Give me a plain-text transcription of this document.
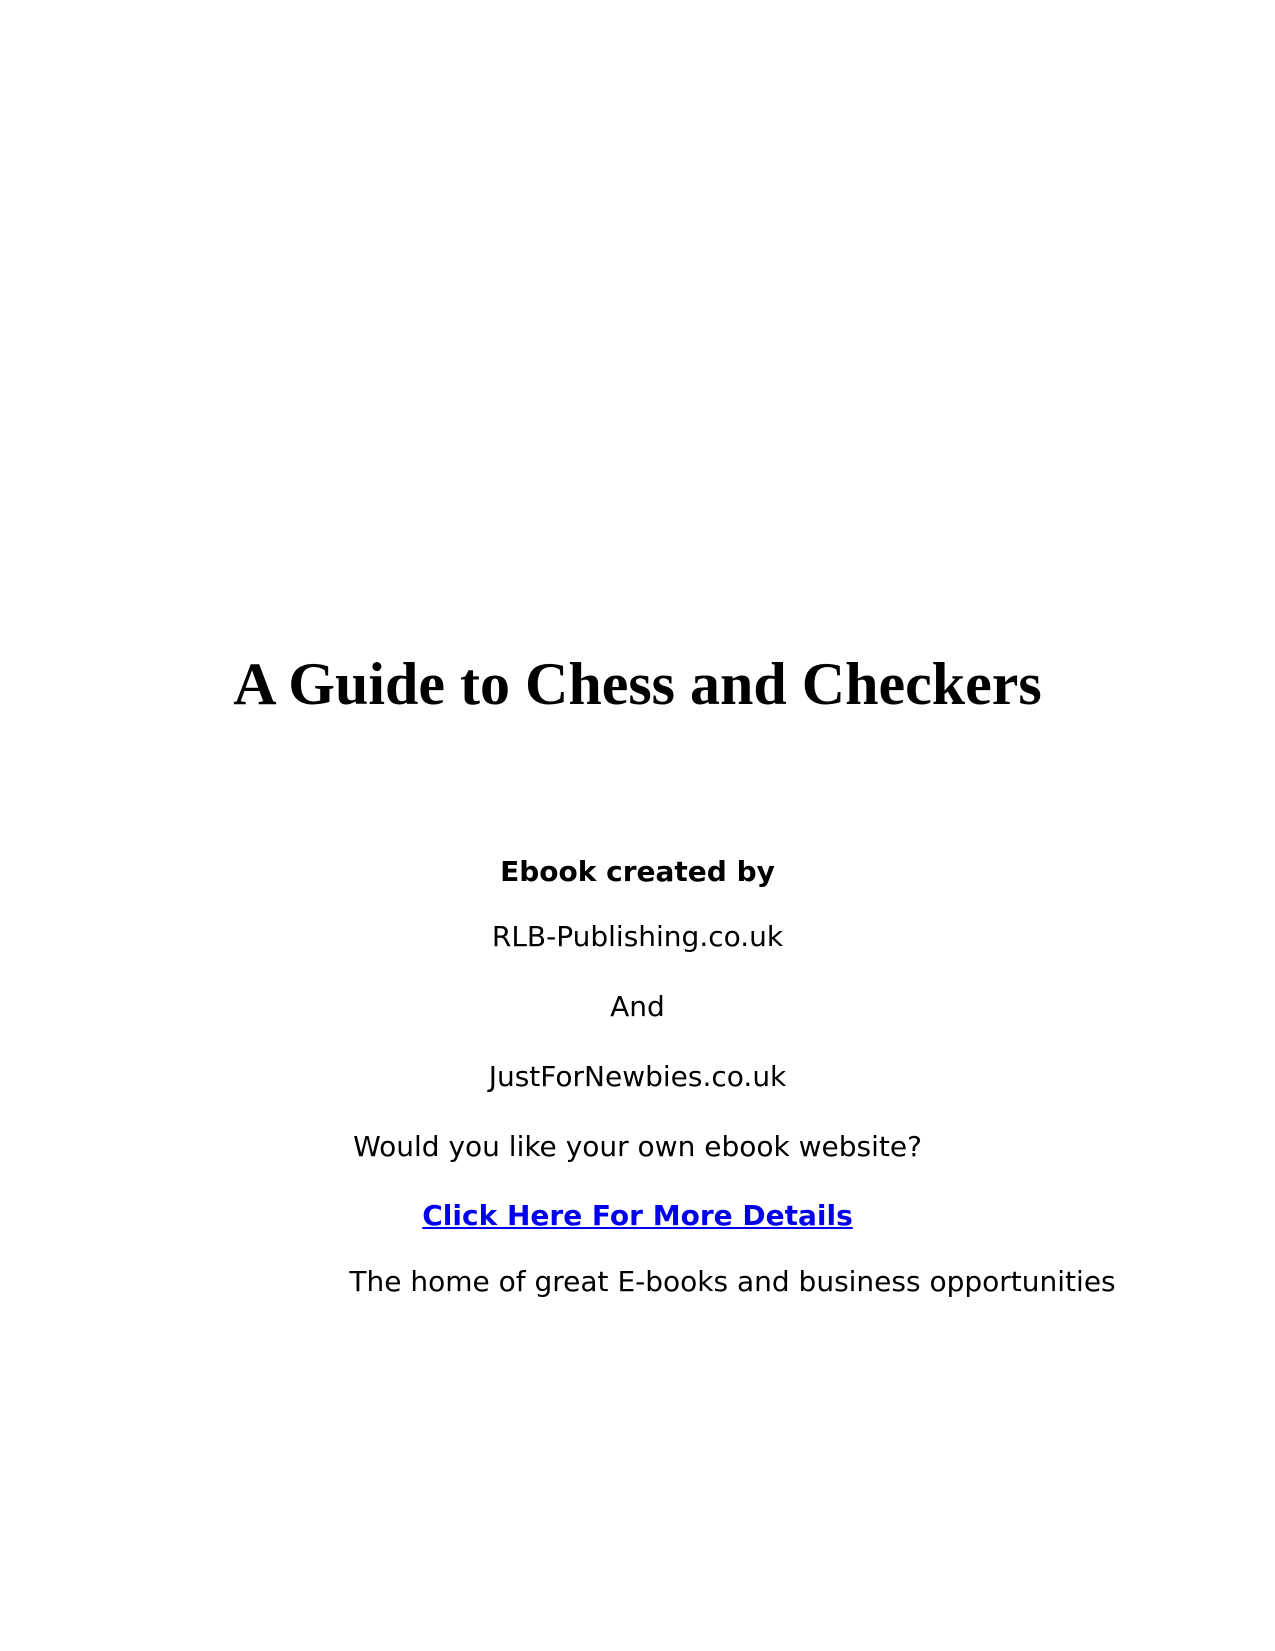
A Guide to Chess and Checkers

Ebook created by

RLB-Publishing.co.uk

And

JustForNewbies.co.uk

Would you like your own ebook website?

Click Here For More Details

The home of great E-books and business opportunities
